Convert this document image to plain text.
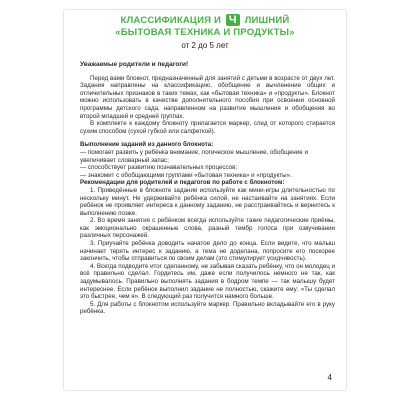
КЛАССИФИКАЦИЯ И Ч ЛИШНИЙ
«БЫТОВАЯ ТЕХНИКА И ПРОДУКТЫ»
от 2 до 5 лет

Уважаемые родители и педагоги!

Перед вами блокнот, предназначенный для занятий с детьми в возрасте от двух лет. Задания направлены на классификацию, обобщение и вычленение общих и отличительных признаков в таких темах, как «бытовая техника» и «продукты». Блокнот можно использовать в качестве дополнительного пособия при освоении основной программы детского сада, направленном на развитие мышления и обобщения во второй младшей и средней группах.

В комплекте к каждому блокноту прилагается маркер, след от которого стирается сухим способом (сухой губкой или салфеткой).

Выполнение заданий из данного блокнота:

— помогает развить у ребёнка внимание, логическое мышление, обобщение и увеличивает словарный запас;

— способствует развитию познавательных процессов;

— знакомит с обобщающими группами «бытовая техника» и «продукты».

Рекомендации для родителей и педагогов по работе с блокнотом:

1. Приведённые в блокноте задания используйте как мини-игры длительностью по нескольку минут. Не удерживайте ребёнка силой, не настаивайте на занятиях. Если ребёнок не проявляет интереса к данному заданию, не расстраивайтесь и вернитесь к выполнению позже.

2. Во время занятия с ребёнком всегда используйте такие педагогические приёмы, как эмоционально окрашенные слова, разный тембр голоса при озвучивании различных персонажей.

3. Приучайте ребёнка доводить начатое дело до конца. Если видите, что малыш начинает терять интерес к заданию, а тема не доделана, попросите его поскорее закончить, чтобы отправиться по своим делам (это стимулирует усидчивость).

4. Всегда подводите итог сделанному, не забывая сказать ребёнку, что он молодец и всё правильно сделал. Гордитесь им, даже если получилось немного не так, как задумывалось. Правильно выполнять задания в бодром темпе — так малышу будет интереснее. Если ребёнок выполнил задание не полностью, скажите ему: «Ты сделал это быстрее, чем я». В следующий раз получится намного больше.

5. Для работы с блокнотом используйте маркер. Правильно вкладывайте его в руку ребёнка.

4
